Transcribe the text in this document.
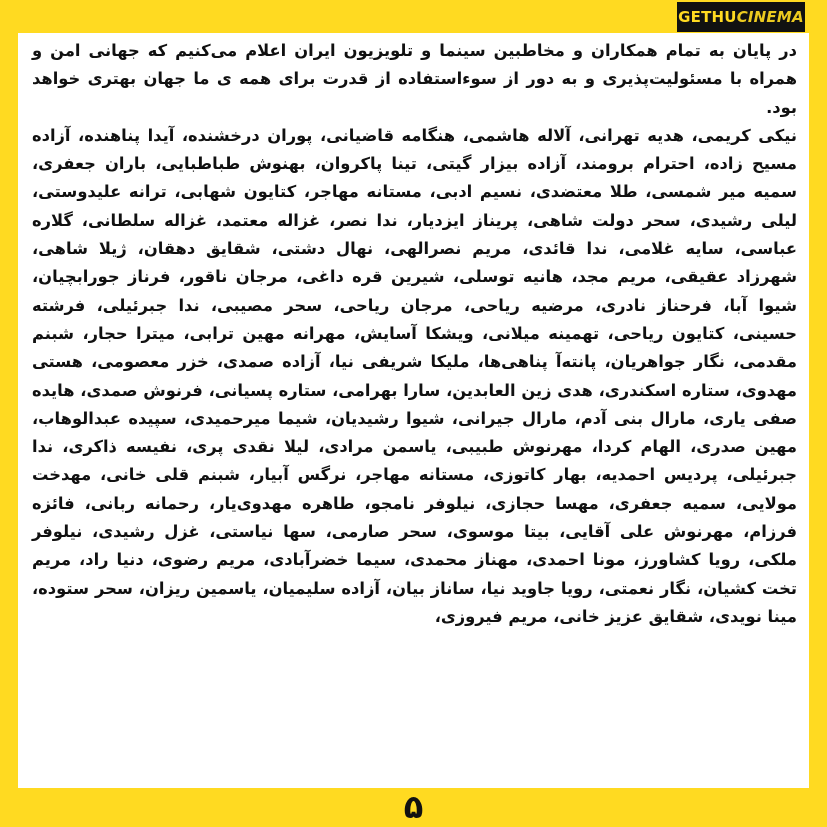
GETHU CINEMA

در پایان به تمام همکاران و مخاطبین سینما و تلویزیون ایران اعلام می‌کنیم که جهانی امن و همراه با مسئولیت‌پذیری و به دور از سوءاستفاده از قدرت برای همه ی ما جهان بهتری خواهد بود.
نیکی کریمی، هدیه تهرانی، آلاله هاشمی، هنگامه قاضیانی، پوران درخشنده، آیدا پناهنده، آزاده مسیح زاده، احترام برومند، آزاده بیزار گیتی، تینا پاکروان، بهنوش طباطبایی، باران جعفری، سمیه میر شمسی، طلا معتضدی، نسیم ادبی، مستانه مهاجر، کتایون شهابی، ترانه علیدوستی، لیلی رشیدی، سحر دولت شاهی، پریناز ایزدیار، ندا نصر، غزاله معتمد، غزاله سلطانی، گلاره عباسی، سایه غلامی، ندا قائدی، مریم نصرالهی، نهال دشتی، شقایق دهقان، ژیلا شاهی، شهرزاد عقیقی، مریم مجد، هانیه توسلی، شیرین قره داغی، مرجان ناقور، فرناز جورابچیان، شیوا آبا، فرحناز نادری، مرضیه ریاحی، مرجان ریاحی، سحر مصیبی، ندا جبرئیلی، فرشته حسینی، کتایون ریاحی، تهمینه میلانی، ویشکا آسایش، مهرانه مهین ترابی، میترا حجار، شبنم مقدمی، نگار جواهریان، پانته‌آ پناهی‌ها، ملیکا شریفی نیا، آزاده صمدی، خزر معصومی، هستی مهدوی، ستاره اسکندری، هدی زین العابدین، سارا بهرامی، ستاره پسیانی، فرنوش صمدی، هایده صفی یاری، مارال بنی آدم، مارال جیرانی، شیوا رشیدیان، شیما میرحمیدی، سپیده عبدالوهاب، مهین صدری، الهام کردا، مهرنوش طبیبی، یاسمن مرادی، لیلا نقدی پری، نفیسه ذاکری، ندا جبرئیلی، پردیس احمدیه، بهار کاتوزی، مستانه مهاجر، نرگس آبیار، شبنم قلی خانی، مهدخت مولایی، سمیه جعفری، مهسا حجازی، نیلوفر نامجو، طاهره مهدوی‌یار، رحمانه ربانی، فائزه فرزام، مهرنوش علی آقایی، بیتا موسوی، سحر صارمی، سها نیاستی، غزل رشیدی، نیلوفر ملکی، رویا کشاورز، مونا احمدی، مهناز محمدی، سیما خضرآبادی، مریم رضوی، دنیا راد، مریم تخت کشیان، نگار نعمتی، رویا جاوید نیا، ساناز بیان، آزاده سلیمیان، یاسمین ریزان، سحر ستوده، مینا نویدی، شقایق عزیز خانی، مریم فیروزی،

۵
